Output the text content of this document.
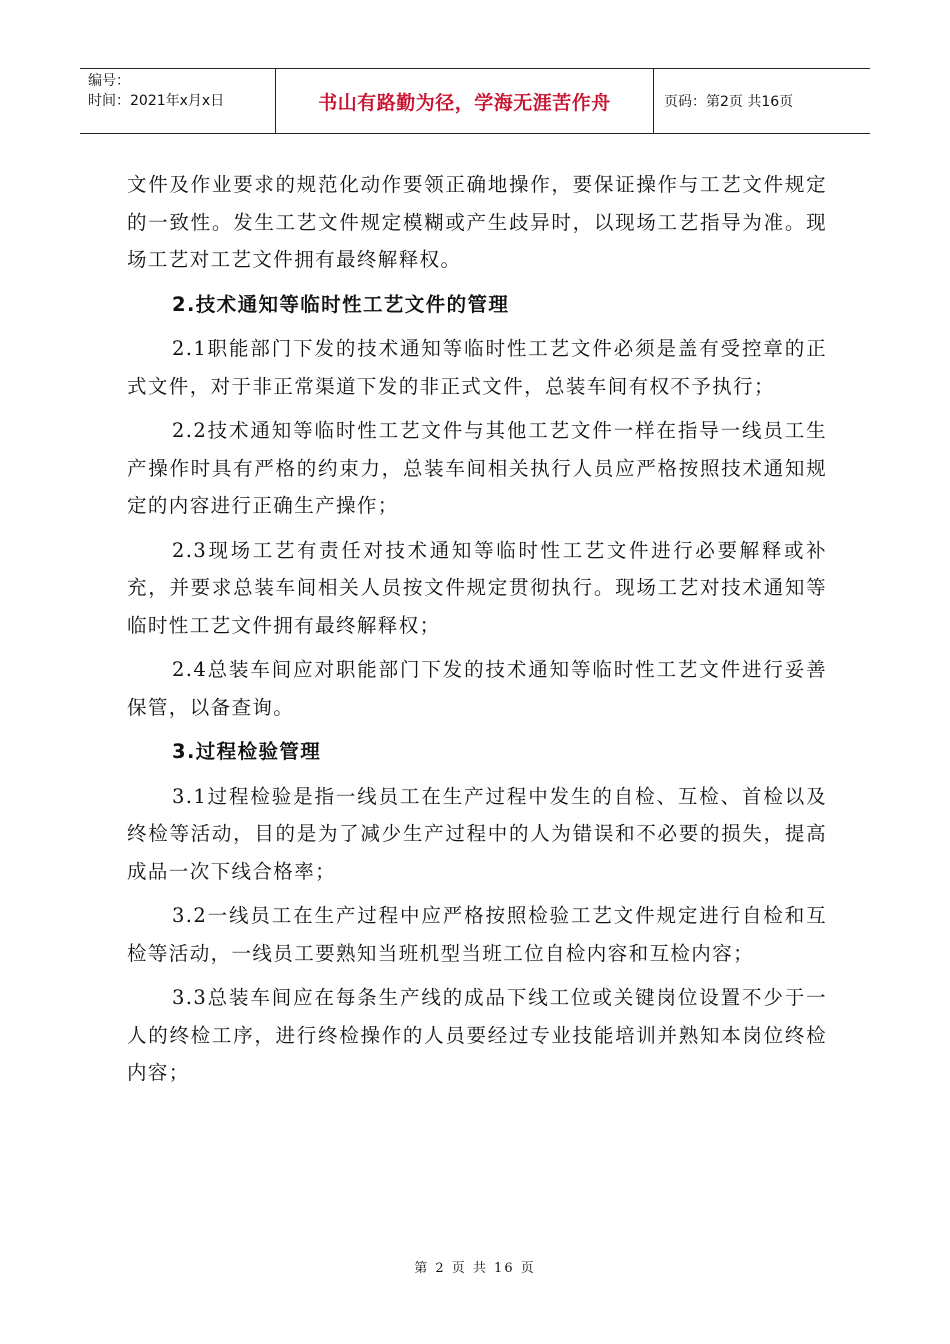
编号：
时间：2021年x月x日	书山有路勤为径，学海无涯苦作舟	页码：第2页 共16页

文件及作业要求的规范化动作要领正确地操作，要保证操作与工艺文件规定的一致性。发生工艺文件规定模糊或产生歧异时，以现场工艺指导为准。现场工艺对工艺文件拥有最终解释权。

2.技术通知等临时性工艺文件的管理

2.1职能部门下发的技术通知等临时性工艺文件必须是盖有受控章的正式文件，对于非正常渠道下发的非正式文件，总装车间有权不予执行；

2.2技术通知等临时性工艺文件与其他工艺文件一样在指导一线员工生产操作时具有严格的约束力，总装车间相关执行人员应严格按照技术通知规定的内容进行正确生产操作；

2.3现场工艺有责任对技术通知等临时性工艺文件进行必要解释或补充，并要求总装车间相关人员按文件规定贯彻执行。现场工艺对技术通知等临时性工艺文件拥有最终解释权；

2.4总装车间应对职能部门下发的技术通知等临时性工艺文件进行妥善保管，以备查询。

3.过程检验管理

3.1过程检验是指一线员工在生产过程中发生的自检、互检、首检以及终检等活动，目的是为了减少生产过程中的人为错误和不必要的损失，提高成品一次下线合格率；

3.2一线员工在生产过程中应严格按照检验工艺文件规定进行自检和互检等活动，一线员工要熟知当班机型当班工位自检内容和互检内容；

3.3总装车间应在每条生产线的成品下线工位或关键岗位设置不少于一人的终检工序，进行终检操作的人员要经过专业技能培训并熟知本岗位终检内容；

第 2 页 共 16 页
